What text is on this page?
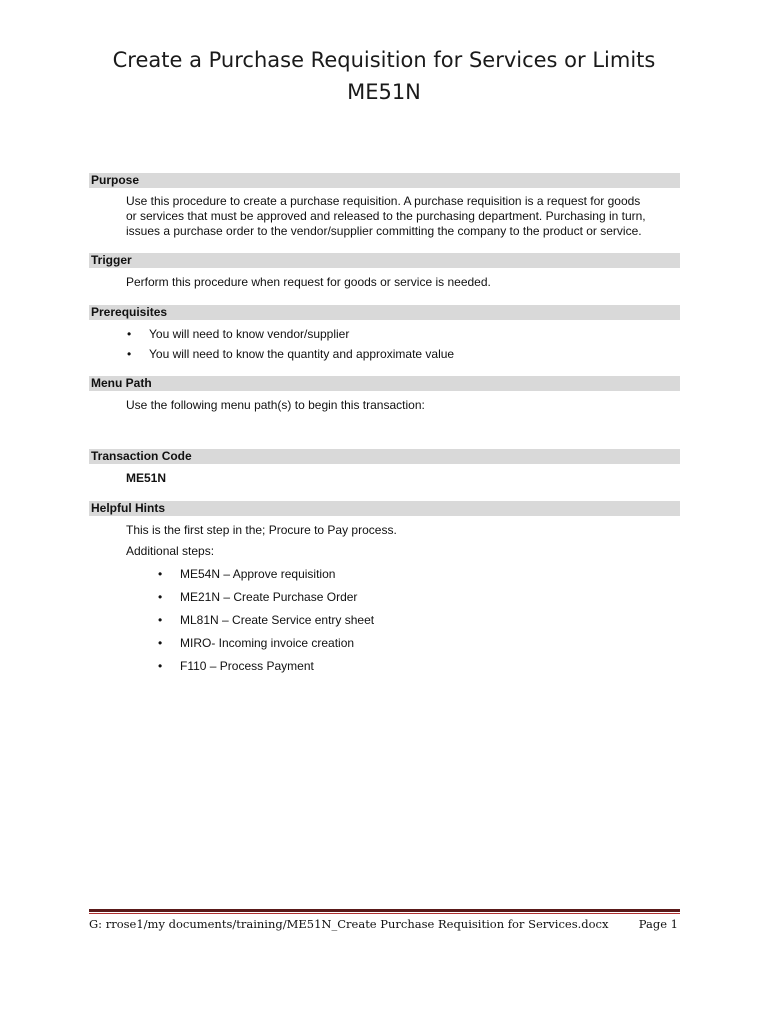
Create a Purchase Requisition for Services or Limits
ME51N
Purpose

Use this procedure to create a purchase requisition. A purchase requisition is a request for goods

or services that must be approved and released to the purchasing department. Purchasing in turn,

issues a purchase order to the vendor/supplier committing the company to the product or service.

Trigger

Perform this procedure when request for goods or service is needed.

Prerequisites
• You will need to know vendor/supplier
• You will need to know the quantity and approximate value
Menu Path

Use the following menu path(s) to begin this transaction:

Transaction Code

ME51N

Helpful Hints

This is the first step in the; Procure to Pay process.

Additional steps:

• ME54N – Approve requisition
• ME21N – Create Purchase Order
• ML81N – Create Service entry sheet
• MIRO- Incoming invoice creation
• F110 – Process Payment
G: rrose1/my documents/training/ME51N_Create Purchase Requisition for Services.docx	Page 1
